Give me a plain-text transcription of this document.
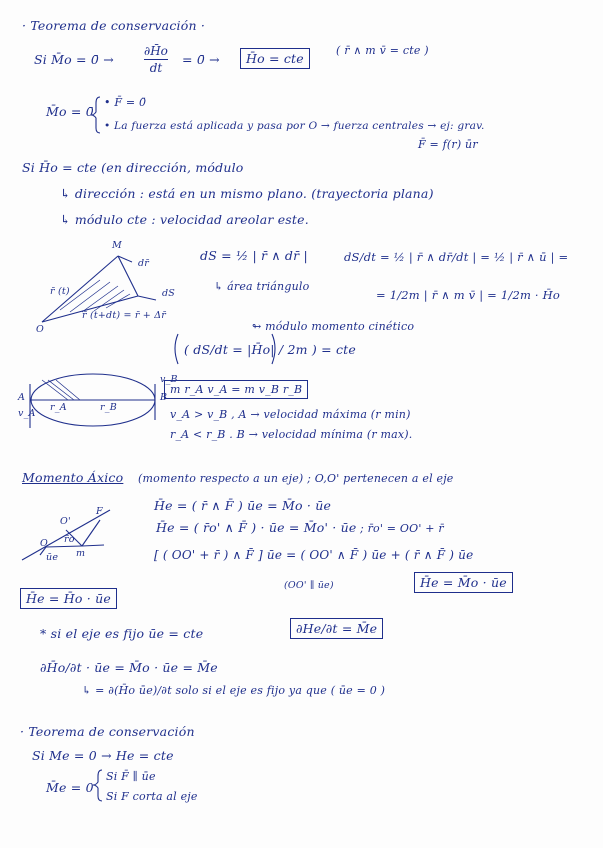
· Teorema de conservación ·
Si M̄o = 0̄ →
∂H̄o
dt
= 0̄ →	H̄o = cte
( r̄ ∧ m v̄ = cte )
M̄o = 0̄
• F̄ = 0̄
• La fuerza está aplicada y pasa por O → fuerza centrales → ej: grav.
F̄ = f(r) ūr
Si H̄o = cte (en dirección, módulo
↳ dirección : está en un mismo plano. (trayectoria plana)
↳ módulo cte : velocidad areolar este.
M
dr̄
r̄ (t)
r̄ (t+dt) = r̄ + Δr̄
dS
O
dS = ½ | r̄ ∧ dr̄ |
↳ área triángulo
dS/dt = ½ | r̄ ∧ dr̄/dt | = ½ | r̄ ∧ ū | =
= 1/2m | r̄ ∧ m v̄ | = 1/2m · H̄o
↬ módulo momento cinético
( dS/dt = |H̄o| / 2m ) = cte
A	B
v_A
v_B
r_A	r_B
m r_A v_A = m v_B r_B
v_A > v_B , A → velocidad máxima (r min)
r_A < r_B . B → velocidad mínima (r max).
Momento Áxico (momento respecto a un eje) ; O,O' pertenecen a el eje
O'
F
ūe
r̄o
m
O
H̄e = ( r̄ ∧ F̄ ) ūe = M̄o · ūe
H̄e = ( r̄o' ∧ F̄ ) · ūe = M̄o' · ūe ; r̄o' = OO' + r̄
[ ( OO' + r̄ ) ∧ F̄ ] ūe = ( OO' ∧ F̄ ) ūe + ( r̄ ∧ F̄ ) ūe
(OO' ∥ ūe)
H̄e = H̄o · ūe
H̄e = M̄o · ūe
* si el eje es fijo ūe = cte	∂He/∂t = M̄e
∂H̄o/∂t · ūe = M̄o · ūe = M̄e
↳ = ∂(H̄o ūe)/∂t solo si el eje es fijo ya que ( ūe = 0 )
· Teorema de conservación
Si Me = 0 → He = cte
M̄e = 0
Si F̄ ∥ ūe
Si F corta al eje
